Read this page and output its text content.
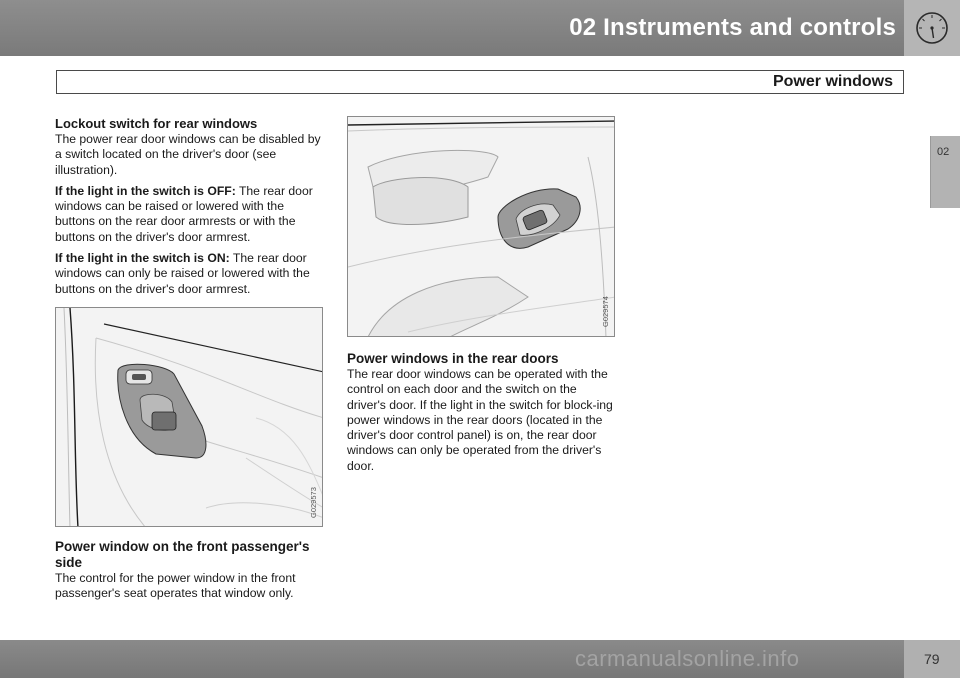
02 Instruments and controls
Power windows
02
Lockout switch for rear windows
The power rear door windows can be disabled by a switch located on the driver's door (see illustration).
If the light in the switch is OFF: The rear door windows can be raised or lowered with the buttons on the rear door armrests or with the buttons on the driver's door armrest.
If the light in the switch is ON: The rear door windows can only be raised or lowered with the buttons on the driver's door armrest.
G029573
Power window on the front passenger's side
The control for the power window in the front passenger's seat operates that window only.
G029574
Power windows in the rear doors
The rear door windows can be operated with the control on each door and the switch on the driver's door. If the light in the switch for block-ing power windows in the rear doors (located in the driver's door control panel) is on, the rear door windows can only be operated from the driver's door.
carmanualsonline.info	79
